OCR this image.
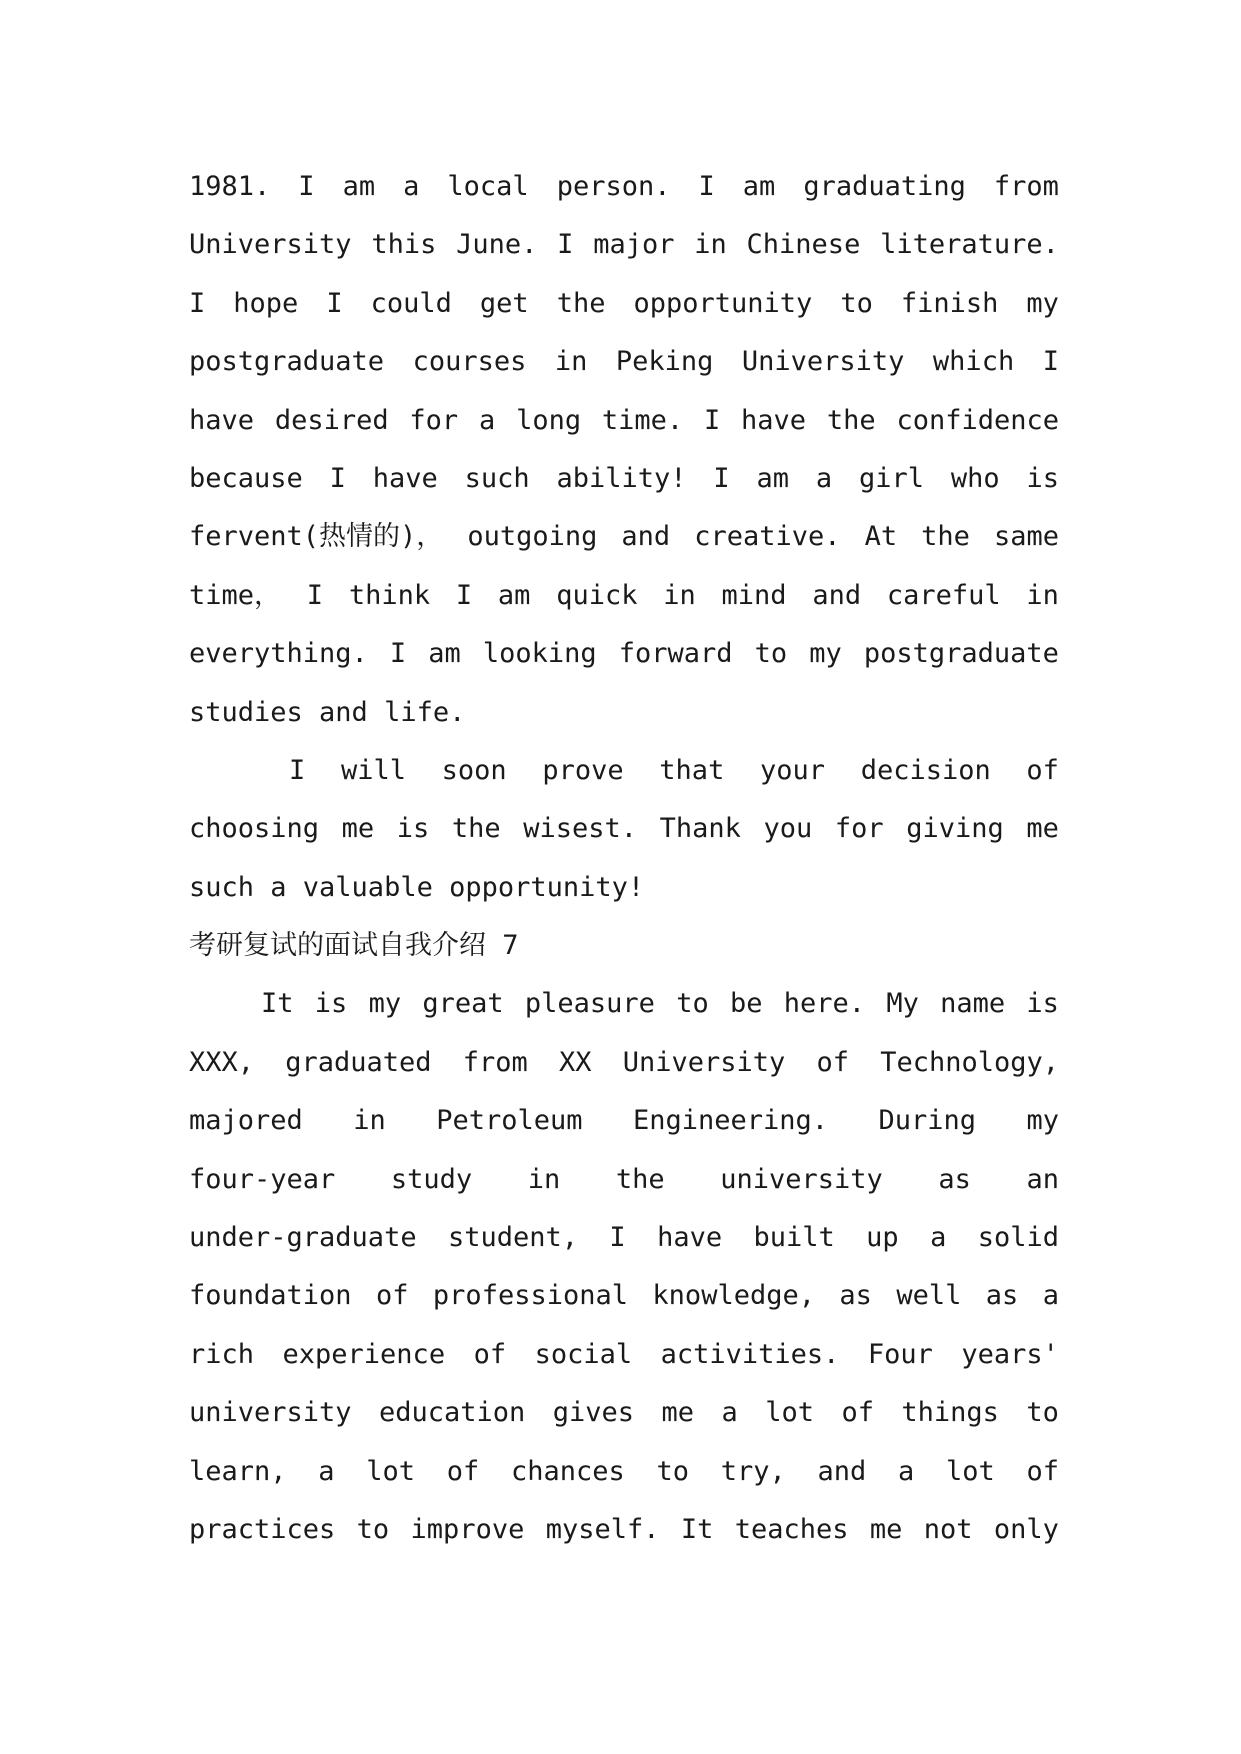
1981. I am a local person. I am graduating from
University this June. I major in Chinese literature.
I hope I could get the opportunity to finish my
postgraduate courses in Peking University which I
have desired for a long time. I have the confidence
because I have such ability! I am a girl who is
fervent(热情的)， outgoing and creative. At the same
time， I think I am quick in mind and careful in
everything. I am looking forward to my postgraduate
studies and life.
I will soon prove that your decision of
choosing me is the wisest. Thank you for giving me
such a valuable opportunity!
考研复试的面试自我介绍 7
It is my great pleasure to be here. My name is
XXX, graduated from XX University of Technology,
majored in Petroleum Engineering. During my
four-year study in the university as an
under-graduate student, I have built up a solid
foundation of professional knowledge, as well as a
rich experience of social activities. Four years'
university education gives me a lot of things to
learn, a lot of chances to try, and a lot of
practices to improve myself. It teaches me not only
